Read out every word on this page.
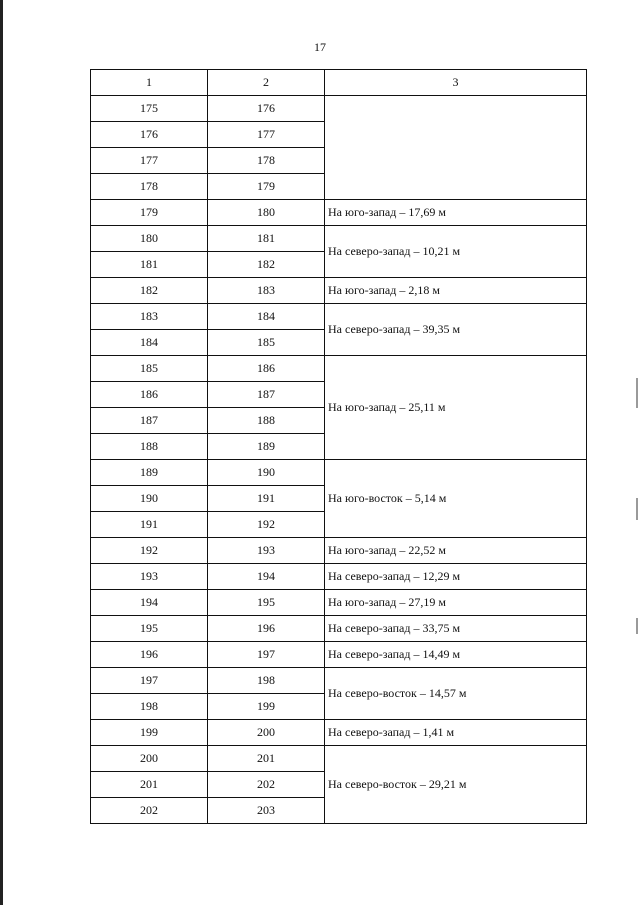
17
1	2	3
175	176	
176	177	
177	178	
178	179	
179	180	На юго-запад – 17,69 м
180	181	На северо-запад – 10,21 м
181	182	
182	183	На юго-запад – 2,18 м
183	184	На северо-запад – 39,35 м
184	185	
185	186	На юго-запад – 25,11 м
186	187	
187	188	
188	189	
189	190	На юго-восток – 5,14 м
190	191	
191	192	
192	193	На юго-запад – 22,52 м
193	194	На северо-запад – 12,29 м
194	195	На юго-запад – 27,19 м
195	196	На северо-запад – 33,75 м
196	197	На северо-запад – 14,49 м
197	198	На северо-восток – 14,57 м
198	199	
199	200	На северо-запад – 1,41 м
200	201	На северо-восток – 29,21 м
201	202	
202	203	
